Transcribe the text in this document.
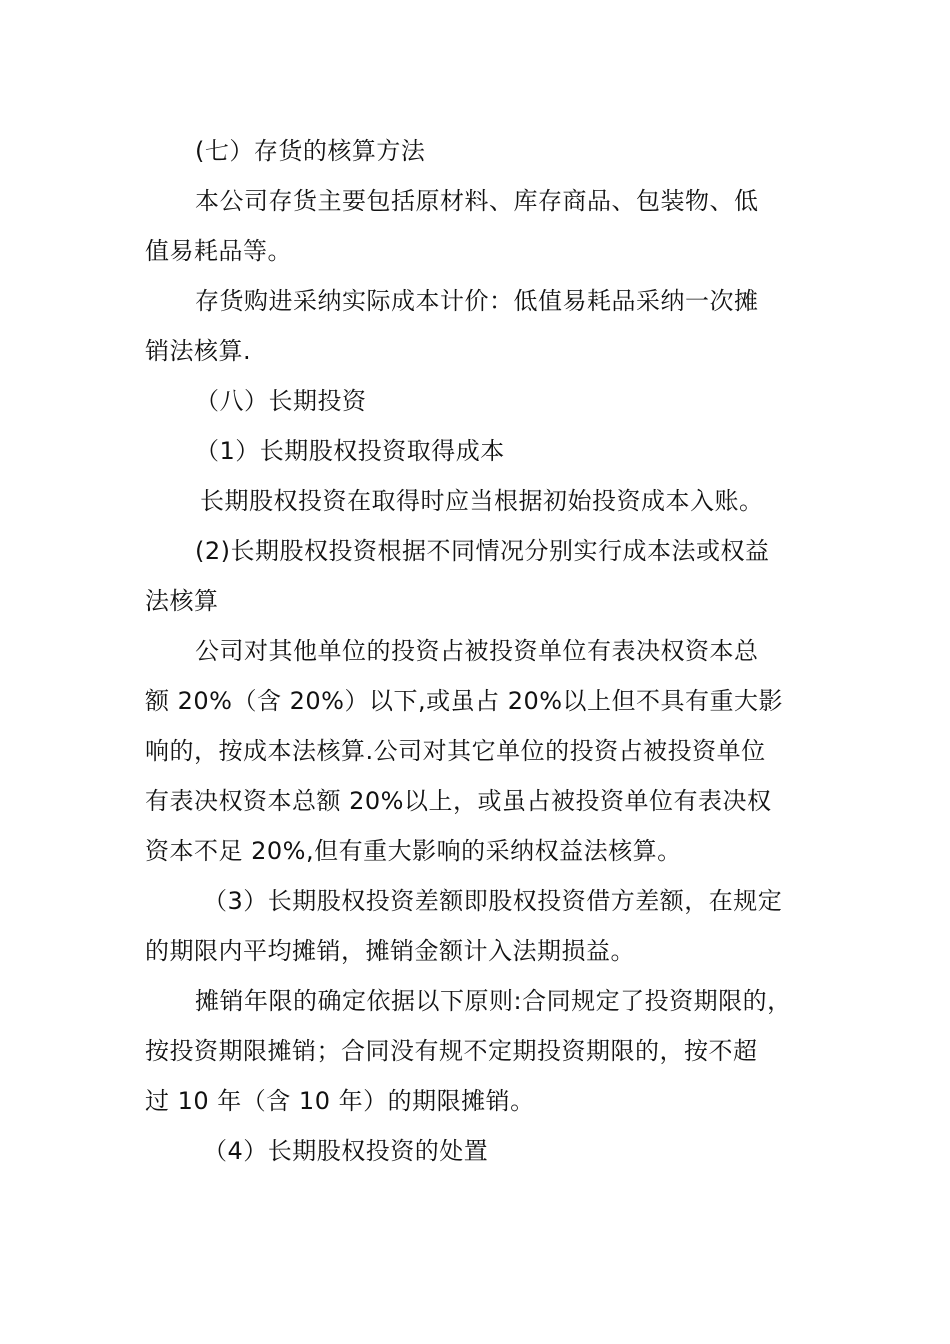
(七）存货的核算方法
本公司存货主要包括原材料、库存商品、包装物、低
值易耗品等。
存货购进采纳实际成本计价：低值易耗品采纳一次摊
销法核算.
（八）长期投资
（1）长期股权投资取得成本
长期股权投资在取得时应当根据初始投资成本入账。
(2)长期股权投资根据不同情况分别实行成本法或权益
法核算
公司对其他单位的投资占被投资单位有表决权资本总
额 20%（含 20%）以下,或虽占 20%以上但不具有重大影
响的，按成本法核算.公司对其它单位的投资占被投资单位
有表决权资本总额 20%以上，或虽占被投资单位有表决权
资本不足 20%,但有重大影响的采纳权益法核算。
（3）长期股权投资差额即股权投资借方差额，在规定
的期限内平均摊销，摊销金额计入法期损益。
摊销年限的确定依据以下原则:合同规定了投资期限的，
按投资期限摊销；合同没有规不定期投资期限的，按不超
过 10 年（含 10 年）的期限摊销。
（4）长期股权投资的处置
